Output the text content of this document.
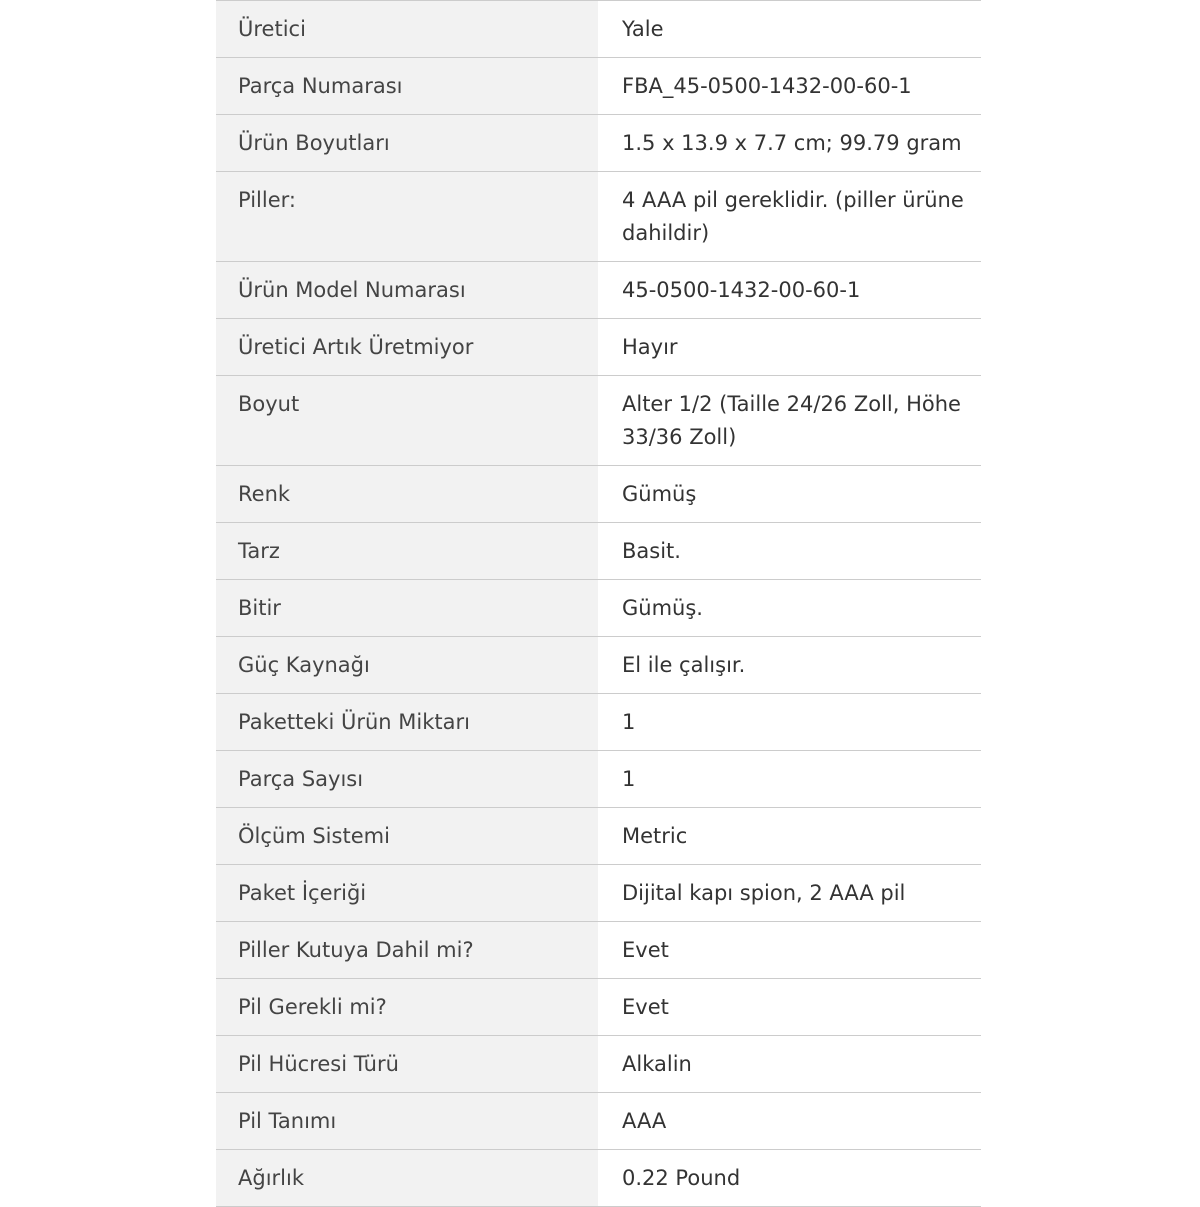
Üretici	Yale
Parça Numarası	FBA_45-0500-1432-00-60-1
Ürün Boyutları	1.5 x 13.9 x 7.7 cm; 99.79 gram
Piller:	4 AAA pil gereklidir. (piller ürüne dahildir)
Ürün Model Numarası	45-0500-1432-00-60-1
Üretici Artık Üretmiyor	Hayır
Boyut	Alter 1/2 (Taille 24/26 Zoll, Höhe 33/36 Zoll)
Renk	Gümüş
Tarz	Basit.
Bitir	Gümüş.
Güç Kaynağı	El ile çalışır.
Paketteki Ürün Miktarı	1
Parça Sayısı	1
Ölçüm Sistemi	Metric
Paket İçeriği	Dijital kapı spion, 2 AAA pil
Piller Kutuya Dahil mi?	Evet
Pil Gerekli mi?	Evet
Pil Hücresi Türü	Alkalin
Pil Tanımı	AAA
Ağırlık	0.22 Pound
